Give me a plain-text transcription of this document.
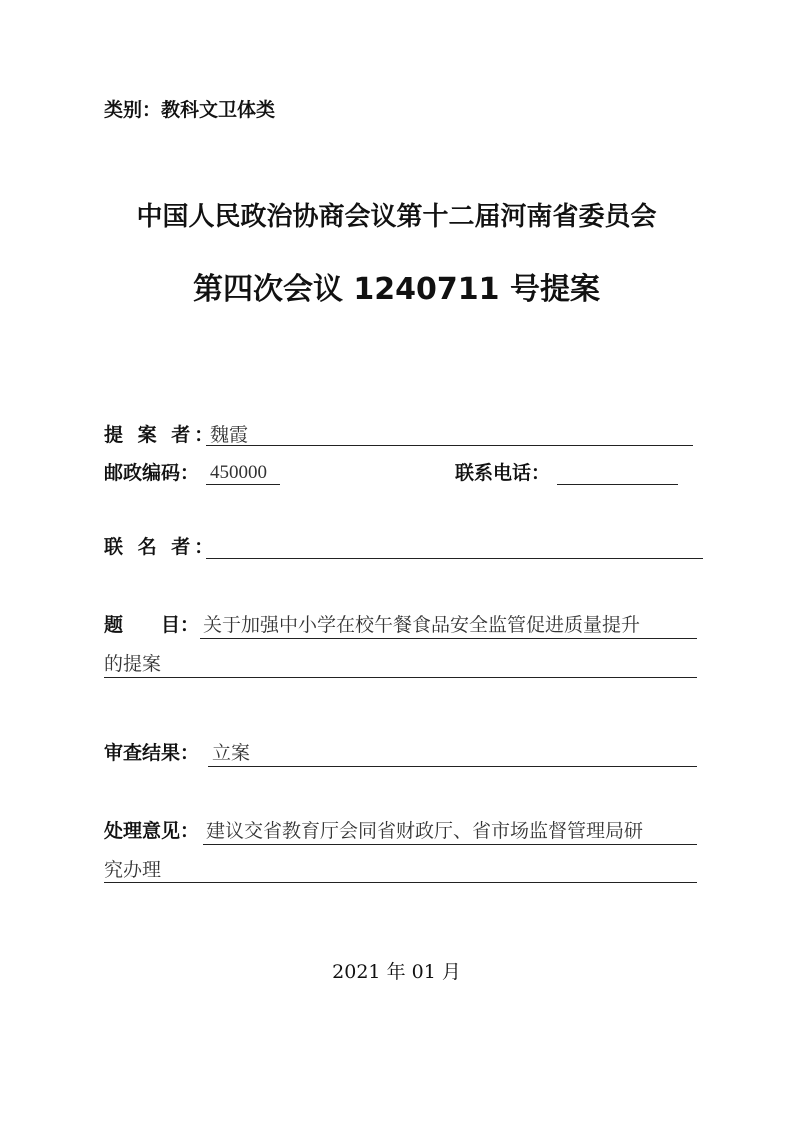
类别：教科文卫体类
中国人民政治协商会议第十二届河南省委员会
第四次会议 1240711 号提案
提 案 者：
魏霞
邮政编码： 450000	联系电话：
联 名 者：
题　　目： 关于加强中小学在校午餐食品安全监管促进质量提升
的提案
审查结果： 立案
处理意见： 建议交省教育厅会同省财政厅、省市场监督管理局研
究办理
2021 年 01 月
